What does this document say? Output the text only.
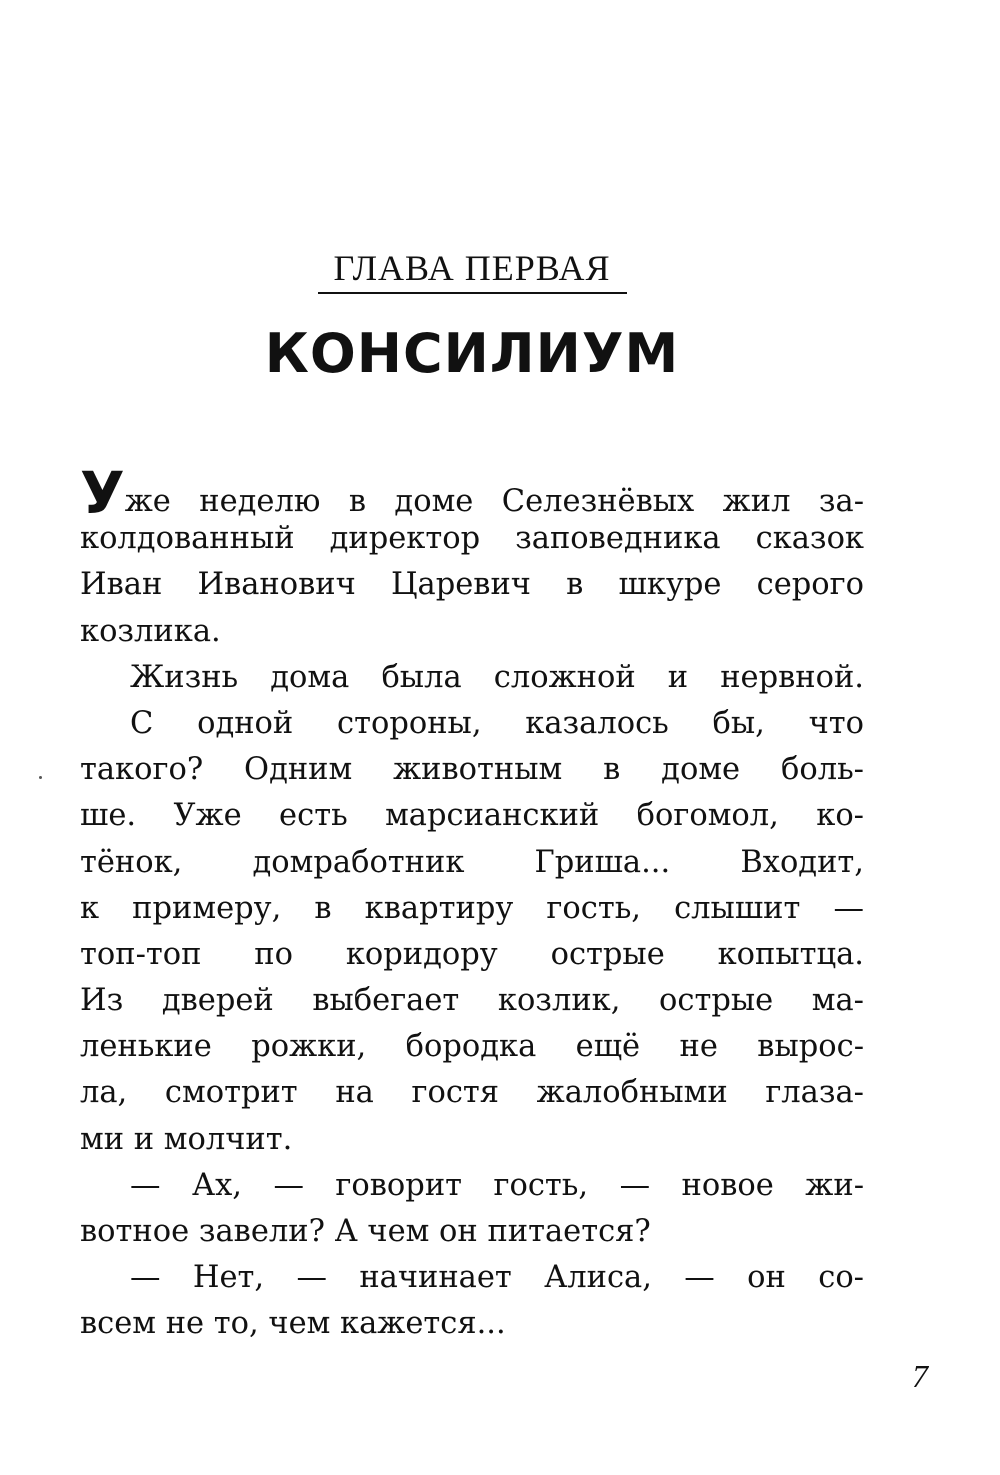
ГЛАВА ПЕРВАЯ
КОНСИЛИУМ
Уже неделю в доме Селезнёвых жил за-
колдованный директор заповедника сказок
Иван Иванович Царевич в шкуре серого
козлика.
Жизнь дома была сложной и нервной.
С одной стороны, казалось бы, что
такого? Одним животным в доме боль-
ше. Уже есть марсианский богомол, ко-
тёнок, домработник Гриша... Входит,
к примеру, в квартиру гость, слышит —
топ-топ по коридору острые копытца.
Из дверей выбегает козлик, острые ма-
ленькие рожки, бородка ещё не вырос-
ла, смотрит на гостя жалобными глаза-
ми и молчит.
— Ах, — говорит гость, — новое жи-
вотное завели? А чем он питается?
— Нет, — начинает Алиса, — он со-
всем не то, чем кажется...
7
